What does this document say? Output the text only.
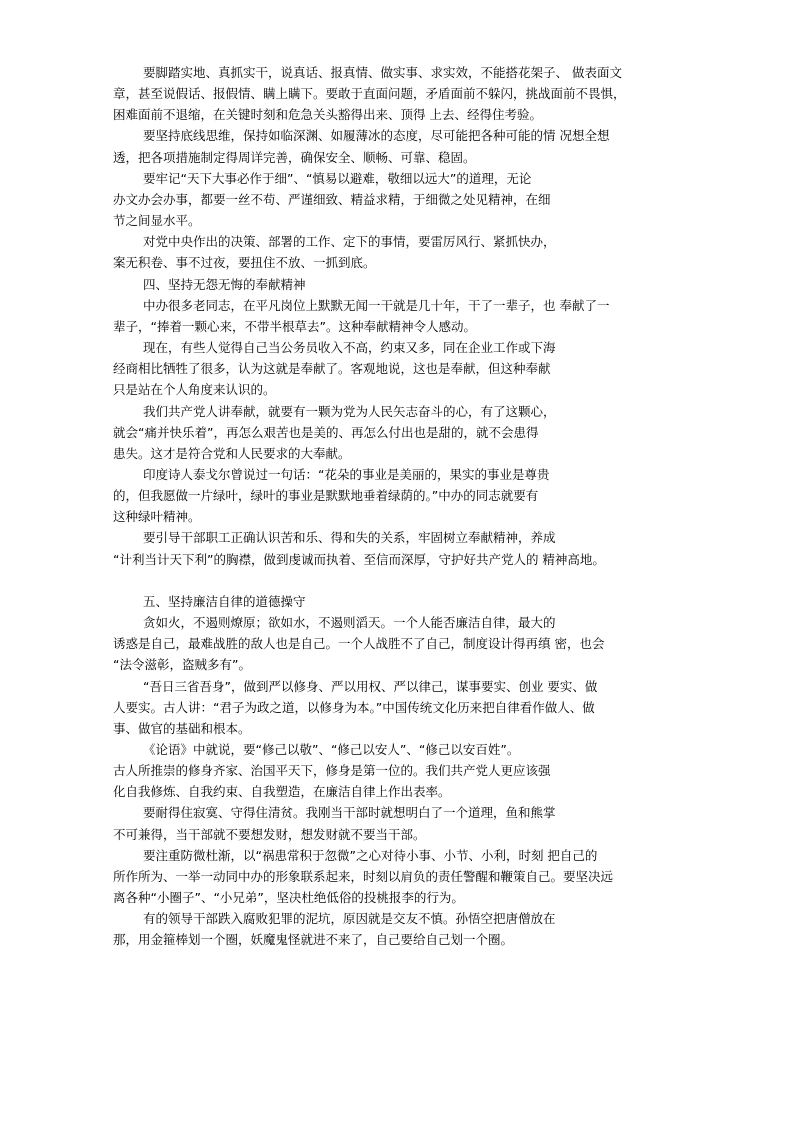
要脚踏实地、真抓实干，说真话、报真情、做实事、求实效，不能搭花架子、 做表面文
章，甚至说假话、报假情、瞒上瞒下。要敢于直面问题，矛盾面前不躲闪，挑战面前不畏惧，
困难面前不退缩，在关键时刻和危急关头豁得出来、顶得 上去、经得住考验。
要坚持底线思维，保持如临深渊、如履薄冰的态度，尽可能把各种可能的情 况想全想
透，把各项措施制定得周详完善，确保安全、顺畅、可靠、稳固。
要牢记“天下大事必作于细”、“慎易以避难，敬细以远大”的道理，无论
办文办会办事，都要一丝不苟、严谨细致、精益求精，于细微之处见精神，在细
节之间显水平。
对党中央作出的决策、部署的工作、定下的事情，要雷厉风行、紧抓快办，
案无积卷、事不过夜，要扭住不放、一抓到底。
四、坚持无怨无悔的奉献精神
中办很多老同志，在平凡岗位上默默无闻一干就是几十年，干了一辈子，也 奉献了一
辈子，“捧着一颗心来，不带半根草去”。这种奉献精神令人感动。
现在，有些人觉得自己当公务员收入不高，约束又多，同在企业工作或下海
经商相比牺牲了很多，认为这就是奉献了。客观地说，这也是奉献，但这种奉献
只是站在个人角度来认识的。
我们共产党人讲奉献，就要有一颗为党为人民矢志奋斗的心，有了这颗心，
就会“痛并快乐着”，再怎么艰苦也是美的、再怎么付出也是甜的，就不会患得
患失。这才是符合党和人民要求的大奉献。
印度诗人泰戈尔曾说过一句话：“花朵的事业是美丽的，果实的事业是尊贵
的，但我愿做一片绿叶，绿叶的事业是默默地垂着绿荫的。”中办的同志就要有
这种绿叶精神。
要引导干部职工正确认识苦和乐、得和失的关系，牢固树立奉献精神，养成
“计利当计天下利”的胸襟，做到虔诚而执着、至信而深厚，守护好共产党人的 精神高地。
五、坚持廉洁自律的道德操守
贪如火，不遏则燎原；欲如水，不遏则滔天。一个人能否廉洁自律，最大的
诱惑是自己，最难战胜的敌人也是自己。一个人战胜不了自己，制度设计得再缜 密，也会
“法令滋彰，盗贼多有”。
“吾日三省吾身”，做到严以修身、严以用权、严以律己，谋事要实、创业 要实、做
人要实。古人讲：“君子为政之道，以修身为本。”中国传统文化历来把自律看作做人、做
事、做官的基础和根本。
《论语》中就说，要“修己以敬”、“修己以安人”、“修己以安百姓”。
古人所推崇的修身齐家、治国平天下，修身是第一位的。我们共产党人更应该强
化自我修炼、自我约束、自我塑造，在廉洁自律上作出表率。
要耐得住寂寞、守得住清贫。我刚当干部时就想明白了一个道理，鱼和熊掌
不可兼得，当干部就不要想发财，想发财就不要当干部。
要注重防微杜渐，以“祸患常积于忽微”之心对待小事、小节、小利，时刻 把自己的
所作所为、一举一动同中办的形象联系起来，时刻以肩负的责任警醒和鞭策自己。要坚决远
离各种“小圈子”、“小兄弟”，坚决杜绝低俗的投桃报李的行为。
有的领导干部跌入腐败犯罪的泥坑，原因就是交友不慎。孙悟空把唐僧放在
那，用金箍棒划一个圈，妖魔鬼怪就进不来了，自己要给自己划一个圈。
